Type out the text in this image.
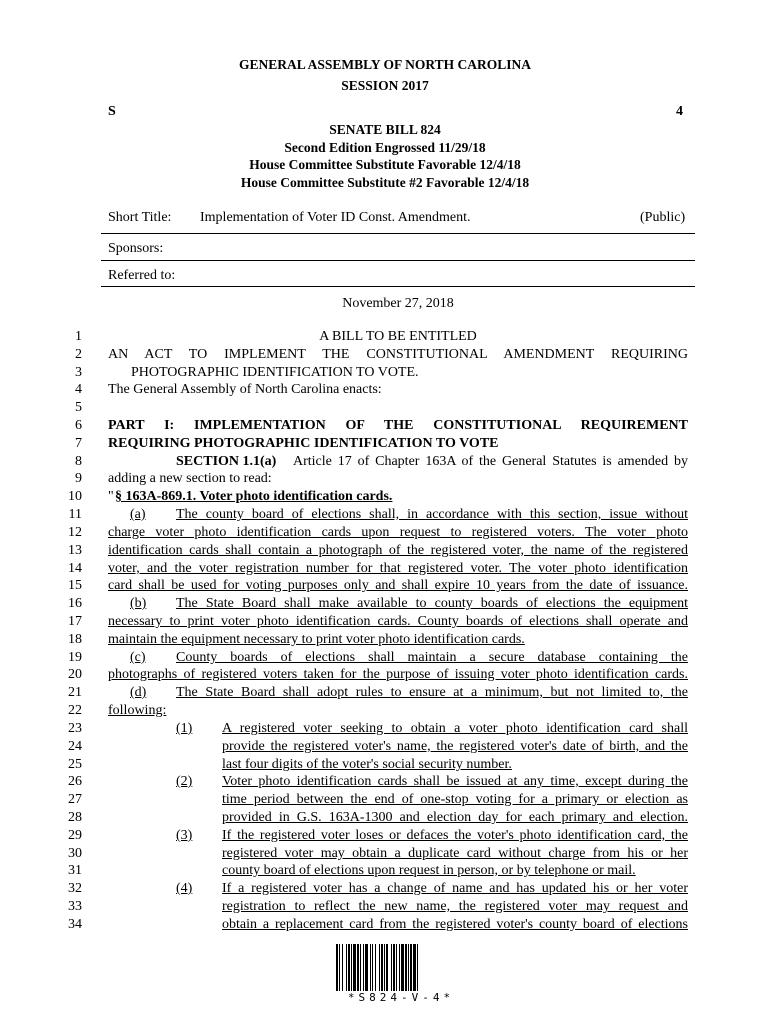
GENERAL ASSEMBLY OF NORTH CAROLINA
SESSION 2017
S	4
SENATE BILL 824
Second Edition Engrossed 11/29/18
House Committee Substitute Favorable 12/4/18
House Committee Substitute #2 Favorable 12/4/18
Short Title: Implementation of Voter ID Const. Amendment.	(Public)
Sponsors:
Referred to:
November 27, 2018
1
2
3
4
5
6
7
8
9
10
11
12
13
14
15
16
17
18
19
20
21
22
23
24
25
26
27
28
29
30
31
32
33
34
A BILL TO BE ENTITLED
AN ACT TO IMPLEMENT THE CONSTITUTIONAL AMENDMENT REQUIRING
PHOTOGRAPHIC IDENTIFICATION TO VOTE.
The General Assembly of North Carolina enacts:
PART I: IMPLEMENTATION OF THE CONSTITUTIONAL REQUIREMENT
REQUIRING PHOTOGRAPHIC IDENTIFICATION TO VOTE
SECTION 1.1(a) Article 17 of Chapter 163A of the General Statutes is amended by
adding a new section to read:
" § 163A-869.1. Voter photo identification cards.
(a) The county board of elections shall, in accordance with this section, issue without
charge voter photo identification cards upon request to registered voters. The voter photo
identification cards shall contain a photograph of the registered voter, the name of the registered
voter, and the voter registration number for that registered voter. The voter photo identification
card shall be used for voting purposes only and shall expire 10 years from the date of issuance.
(b) The State Board shall make available to county boards of elections the equipment
necessary to print voter photo identification cards. County boards of elections shall operate and
maintain the equipment necessary to print voter photo identification cards.
(c) County boards of elections shall maintain a secure database containing the
photographs of registered voters taken for the purpose of issuing voter photo identification cards.
(d) The State Board shall adopt rules to ensure at a minimum, but not limited to, the
following:
(1) A registered voter seeking to obtain a voter photo identification card shall
provide the registered voter's name, the registered voter's date of birth, and the
last four digits of the voter's social security number.
(2) Voter photo identification cards shall be issued at any time, except during the
time period between the end of one-stop voting for a primary or election as
provided in G.S. 163A-1300 and election day for each primary and election.
(3) If the registered voter loses or defaces the voter's photo identification card, the
registered voter may obtain a duplicate card without charge from his or her
county board of elections upon request in person, or by telephone or mail.
(4) If a registered voter has a change of name and has updated his or her voter
registration to reflect the new name, the registered voter may request and
obtain a replacement card from the registered voter's county board of elections
*S824-V-4*
